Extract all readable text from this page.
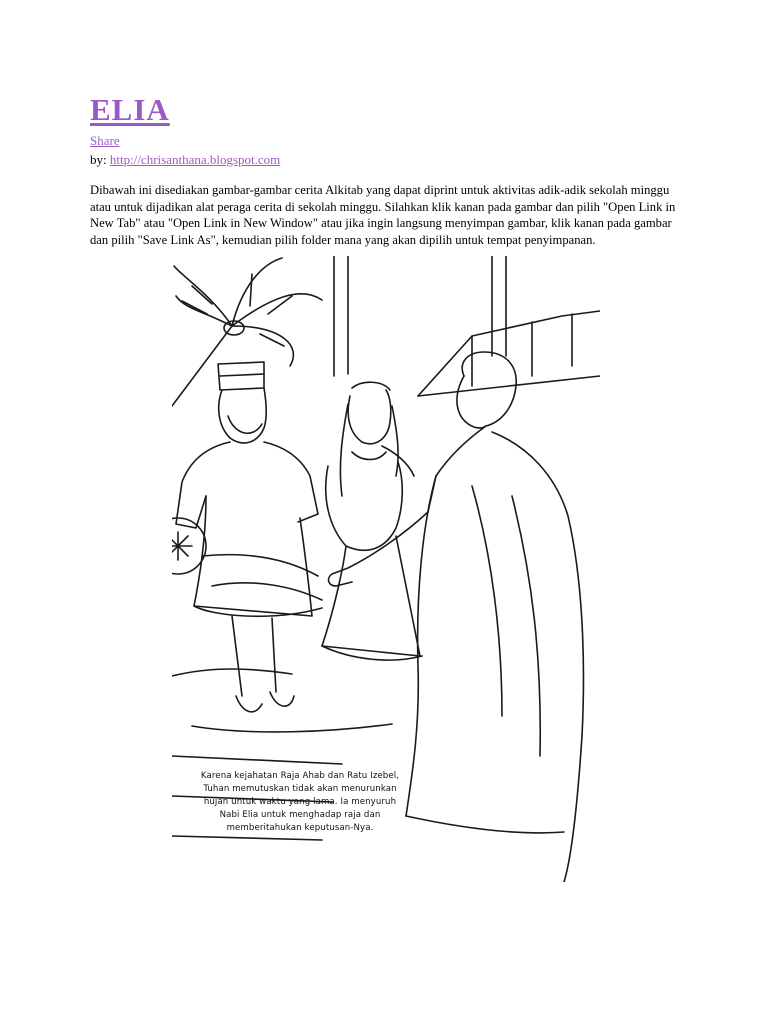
ELIA
Share
by: http://chrisanthana.blogspot.com

Dibawah ini disediakan gambar-gambar cerita Alkitab yang dapat diprint untuk aktivitas adik-adik sekolah minggu atau untuk dijadikan alat peraga cerita di sekolah minggu. Silahkan klik kanan pada gambar dan pilih "Open Link in New Tab" atau "Open Link in New Window" atau jika ingin langsung menyimpan gambar, klik kanan pada gambar dan pilih "Save Link As", kemudian pilih folder mana yang akan dipilih untuk tempat penyimpanan.

Karena kejahatan Raja Ahab dan Ratu Izebel,
Tuhan memutuskan tidak akan menurunkan
hujan untuk waktu yang lama. Ia menyuruh
Nabi Elia untuk menghadap raja dan
memberitahukan keputusan-Nya.
